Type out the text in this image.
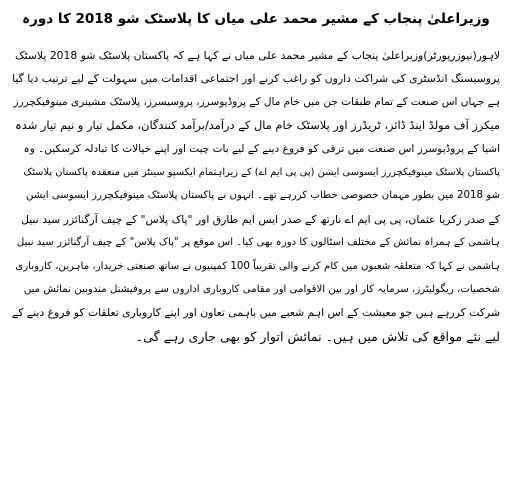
وزیراعلیٰ پنجاب کے مشیر محمد علی میاں کا پلاسٹک شو 2018 کا دورہ
لاہور(نیوزرپورٹر)وزیراعلیٰ پنجاب کے مشیر محمد علی میاں نے کہا ہے کہ پاکستان پلاسٹک شو 2018 پلاسٹک
پروسیسنگ انڈسٹری کی شراکت داروں کو راغب کرنے اور اجتماعی اقدامات میں سہولت کے لیے ترتیب دیا گیا
ہے جہاں اس صنعت کے تمام طبقات جن میں خام مال کے پروڈیوسرز، پروسیسرز، پلاسٹک مشینری مینوفیکچررز
میکرز آف مولڈ اینڈ ڈائز، ٹریڈرز اور پلاسٹک خام مال کے درآمد/برآمد کنندگان، مکمل تیار و نیم تیار شدہ
اشیا کے پروڈیوسرز اس صنعت میں ترقی کو فروغ دینے کے لیے بات چیت اور اپنے خیالات کا تبادلہ کرسکیں۔ وہ
پاکستان پلاسٹک مینوفیکچررز ایسوسی ایشن (پی پی ایم اے) کے زیراہتمام ایکسپو سینٹر میں منعقدہ پاکستان پلاسٹک
شو 2018 میں بطور مہمان خصوصی خطاب کررہے تھے۔ انہوں نے پاکستان پلاسٹک مینوفیکچررز ایسوسی ایشن
کے صدر زکریا عثمان، پی پی ایم اے نارتھ کے صدر ایس ایم طارق اور "پاک پلاس" کے چیف آرگنائزر سید نبیل
ہاشمی کے ہمراہ نمائش کے مختلف اسٹالوں کا دورہ بھی کیا۔ اس موقع پر "پاک پلاس" کے چیف آرگنائزر سید نبیل
ہاشمی نے کہا کہ متعلقہ شعبوں میں کام کرنے والی تقریباً 100 کمپنیوں نے ساتھ صنعتی خریدار، ماہرین، کاروباری
شخصیات، ریگولیٹرز، سرمایہ کار اور بین الاقوامی اور مقامی کاروباری اداروں سے پروفیشنل مندوبین نمائش میں
شرکت کررہے ہیں جو معیشت کے اس اہم شعبے میں باہمی تعاون اور اپنے کاروباری تعلقات کو فروغ دینے کے
لیے نئے مواقع کی تلاش میں ہیں۔ نمائش اتوار کو بھی جاری رہے گی۔
